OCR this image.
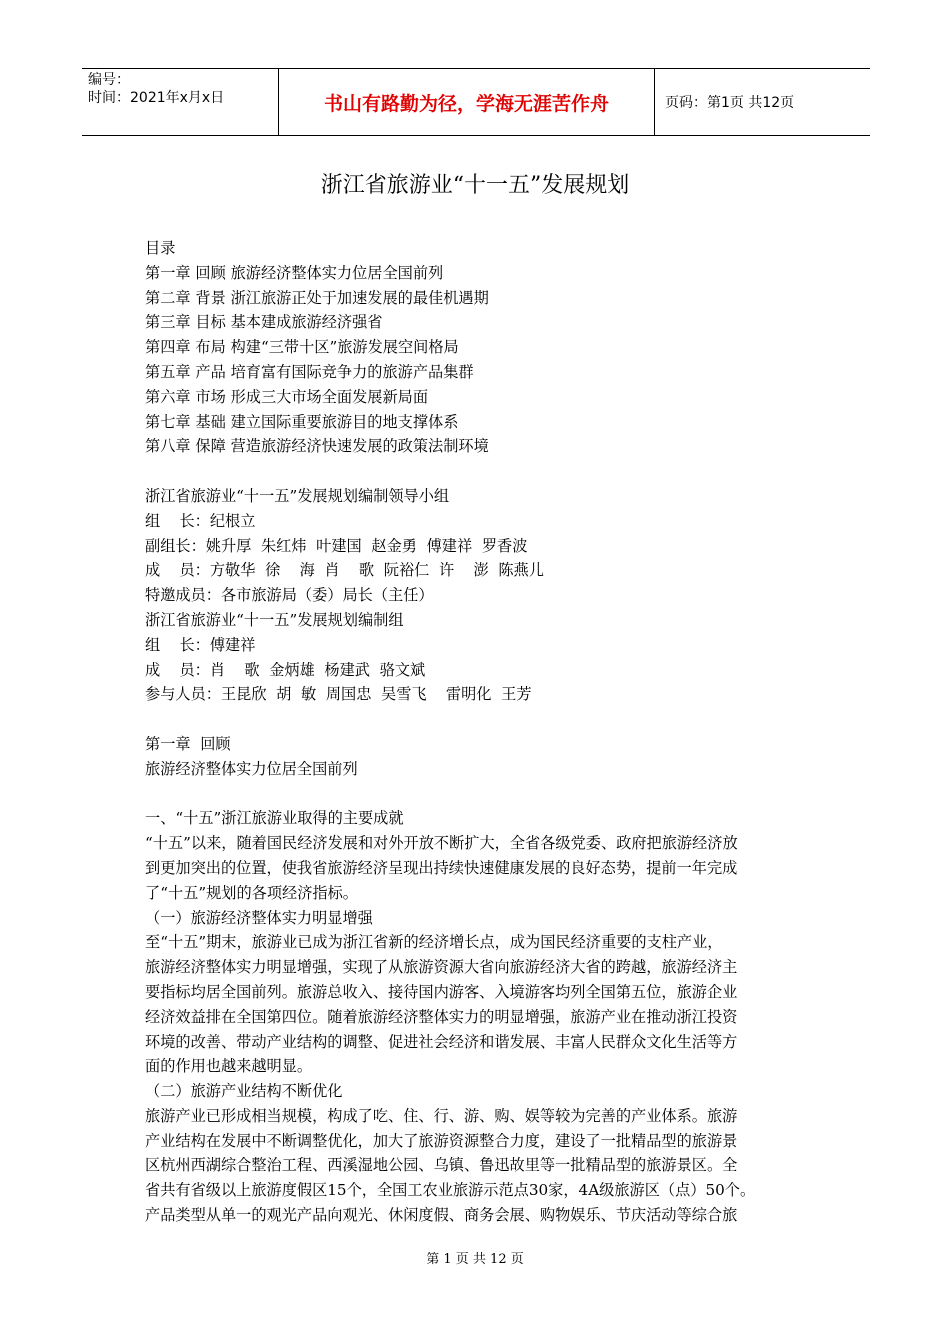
编号：
时间：2021年x月x日	书山有路勤为径，学海无涯苦作舟	页码：第1页 共12页
浙江省旅游业“十一五”发展规划

目录

第一章 回顾 旅游经济整体实力位居全国前列

第二章 背景 浙江旅游正处于加速发展的最佳机遇期

第三章 目标 基本建成旅游经济强省

第四章 布局 构建“三带十区”旅游发展空间格局

第五章 产品 培育富有国际竞争力的旅游产品集群

第六章 市场 形成三大市场全面发展新局面

第七章 基础 建立国际重要旅游目的地支撑体系

第八章 保障 营造旅游经济快速发展的政策法制环境

浙江省旅游业“十一五”发展规划编制领导小组

组    长：纪根立

副组长：姚升厚  朱红炜  叶建国  赵金勇  傅建祥  罗香波

成    员：方敬华  徐    海  肖    歌  阮裕仁  许    澎  陈燕儿

特邀成员：各市旅游局（委）局长（主任）

浙江省旅游业“十一五”发展规划编制组

组    长：傅建祥

成    员：肖    歌  金炳雄  杨建武  骆文斌

参与人员：王昆欣  胡  敏  周国忠  吴雪飞    雷明化  王芳

第一章  回顾

旅游经济整体实力位居全国前列

一、“十五”浙江旅游业取得的主要成就

“十五”以来，随着国民经济发展和对外开放不断扩大，全省各级党委、政府把旅游经济放

到更加突出的位置，使我省旅游经济呈现出持续快速健康发展的良好态势，提前一年完成

了“十五”规划的各项经济指标。

（一）旅游经济整体实力明显增强

至“十五”期末，旅游业已成为浙江省新的经济增长点，成为国民经济重要的支柱产业，

旅游经济整体实力明显增强，实现了从旅游资源大省向旅游经济大省的跨越，旅游经济主

要指标均居全国前列。旅游总收入、接待国内游客、入境游客均列全国第五位，旅游企业

经济效益排在全国第四位。随着旅游经济整体实力的明显增强，旅游产业在推动浙江投资

环境的改善、带动产业结构的调整、促进社会经济和谐发展、丰富人民群众文化生活等方

面的作用也越来越明显。

（二）旅游产业结构不断优化

旅游产业已形成相当规模，构成了吃、住、行、游、购、娱等较为完善的产业体系。旅游

产业结构在发展中不断调整优化，加大了旅游资源整合力度，建设了一批精品型的旅游景

区杭州西湖综合整治工程、西溪湿地公园、乌镇、鲁迅故里等一批精品型的旅游景区。全

省共有省级以上旅游度假区15个，全国工农业旅游示范点30家，4A级旅游区（点）50个。

产品类型从单一的观光产品向观光、休闲度假、商务会展、购物娱乐、节庆活动等综合旅

第 1 页 共 12 页
